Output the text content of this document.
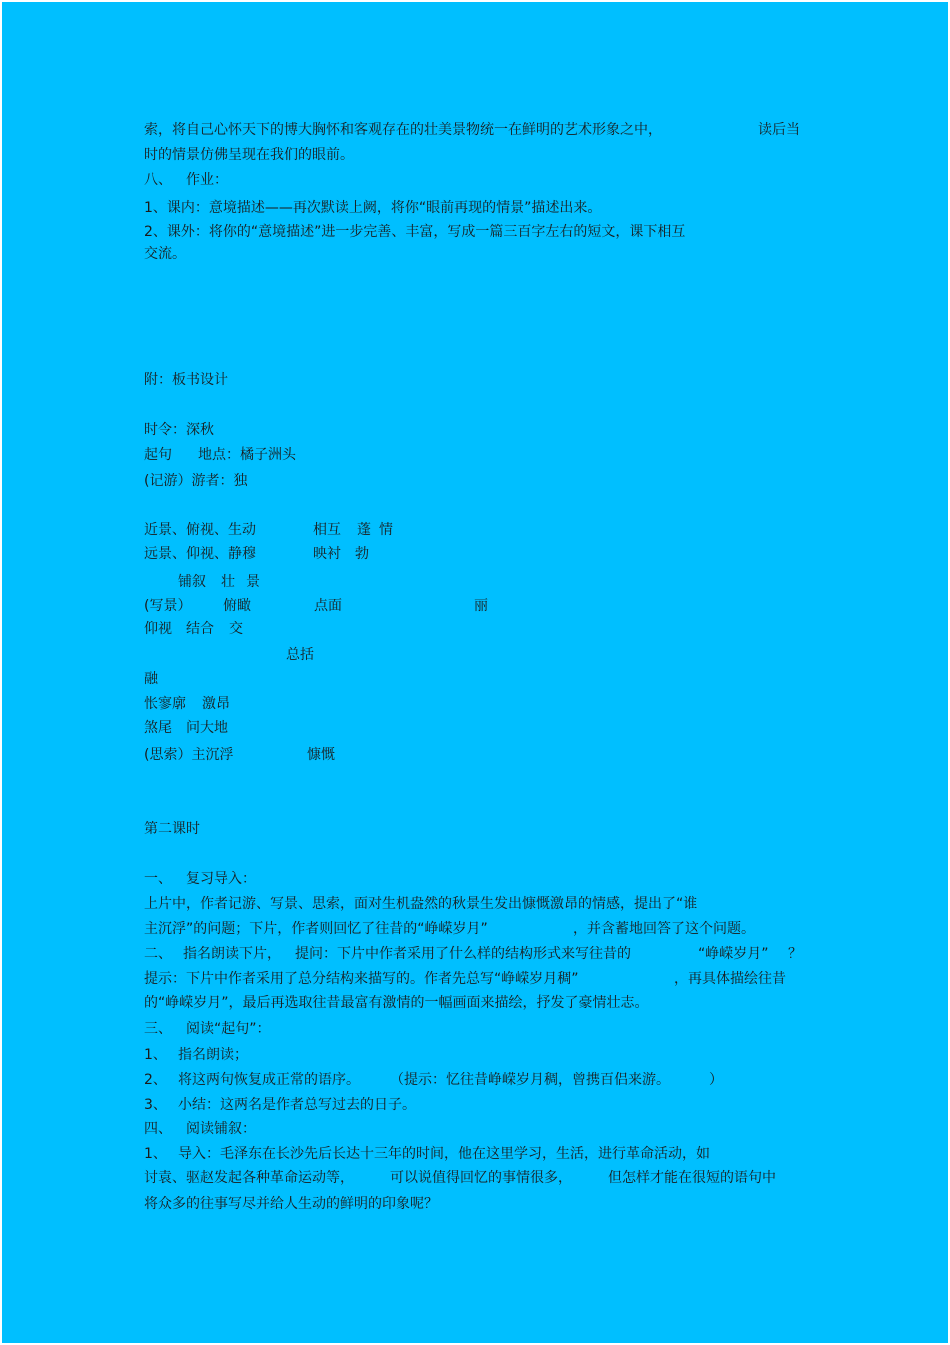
索，将自己心怀天下的博大胸怀和客观存在的壮美景物统一在鲜明的艺术形象之中，	读后当
时的情景仿佛呈现在我们的眼前。
八、 作业：
1、课内：意境描述——再次默读上阙，将你“眼前再现的情景”描述出来。
2、课外：将你的“意境描述”进一步完善、丰富，写成一篇三百字左右的短文，课下相互
交流。
附：板书设计
时令：深秋
起句 地点：橘子洲头
(记游）游者：独
近景、俯视、生动	相互 蓬 情
远景、仰视、静穆	映衬 勃
铺叙 壮 景
(写景） 俯瞰	点面	丽
仰视 结合 交
总括
融
怅寥廓 激昂
煞尾 问大地
(思索）主沉浮	慷慨
第二课时
一、 复习导入：
上片中，作者记游、写景、思索，面对生机盎然的秋景生发出慷慨激昂的情感，提出了“谁
主沉浮”的问题；下片，作者则回忆了往昔的“峥嵘岁月”	，并含蓄地回答了这个问题。
二、 指名朗读下片， 提问：下片中作者采用了什么样的结构形式来写往昔的	“峥嵘岁月” ？
提示：下片中作者采用了总分结构来描写的。作者先总写“峥嵘岁月稠”	，再具体描绘往昔
的“峥嵘岁月”，最后再选取往昔最富有激情的一幅画面来描绘，抒发了豪情壮志。
三、 阅读“起句”：
1、 指名朗读；
2、 将这两句恢复成正常的语序。 （提示：忆往昔峥嵘岁月稠，曾携百侣来游。	）
3、 小结：这两名是作者总写过去的日子。
四、 阅读铺叙：
1、 导入：毛泽东在长沙先后长达十三年的时间，他在这里学习，生活，进行革命活动，如
讨袁、驱赵发起各种革命运动等，	可以说值得回忆的事情很多，	但怎样才能在很短的语句中
将众多的往事写尽并给人生动的鲜明的印象呢？
